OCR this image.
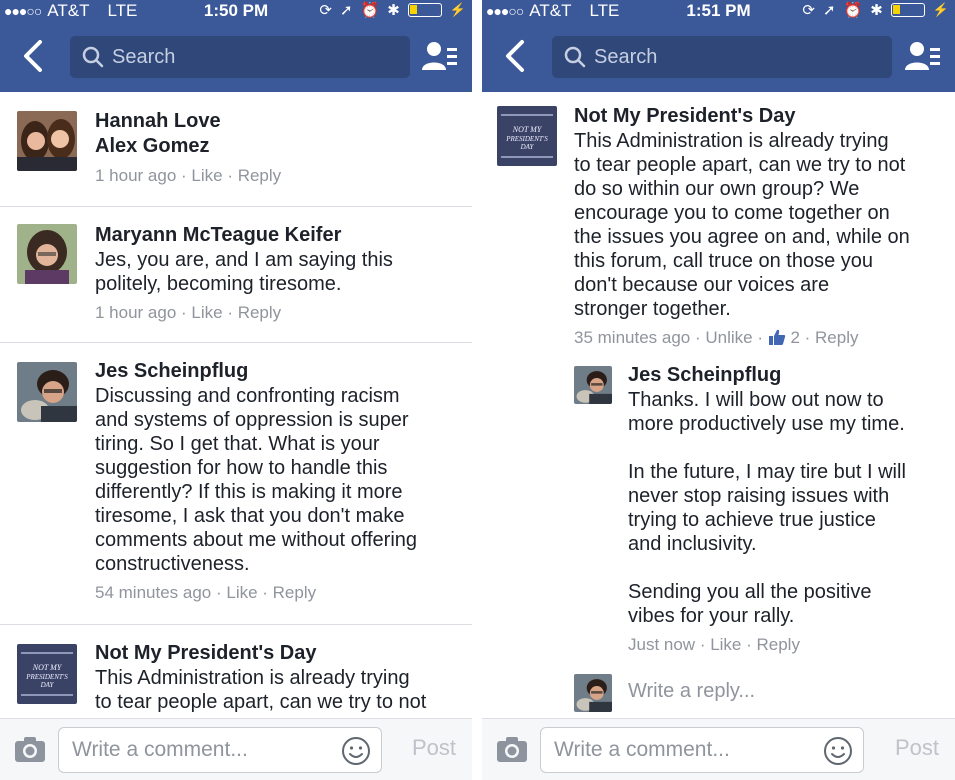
●●●○○ AT&T LTE	1:50 PM	⟳ ➚ ⏰ ✱	⚡
Search
Hannah Love
Alex Gomez
1 hour ago · Like · Reply
Maryann McTeague Keifer
Jes, you are, and I am saying this
politely, becoming tiresome.
1 hour ago · Like · Reply
Jes Scheinpflug
Discussing and confronting racism
and systems of oppression is super
tiring. So I get that. What is your
suggestion for how to handle this
differently? If this is making it more
tiresome, I ask that you don't make
comments about me without offering
constructiveness.
54 minutes ago · Like · Reply
NOT MY
PRESIDENT'S
DAY
Not My President's Day
This Administration is already trying
to tear people apart, can we try to not
Write a comment...	Post
●●●○○ AT&T LTE	1:51 PM	⟳ ➚ ⏰ ✱	⚡
Search
NOT MY
PRESIDENT'S
DAY
Not My President's Day
This Administration is already trying
to tear people apart, can we try to not
do so within our own group? We
encourage you to come together on
the issues you agree on and, while on
this forum, call truce on those you
don't because our voices are
stronger together.
35 minutes ago · Unlike ·  2 · Reply
Jes Scheinpflug
Thanks. I will bow out now to
more productively use my time.

In the future, I may tire but I will
never stop raising issues with
trying to achieve true justice
and inclusivity.

Sending you all the positive
vibes for your rally.
Just now · Like · Reply
Write a reply...
Write a comment...	Post
